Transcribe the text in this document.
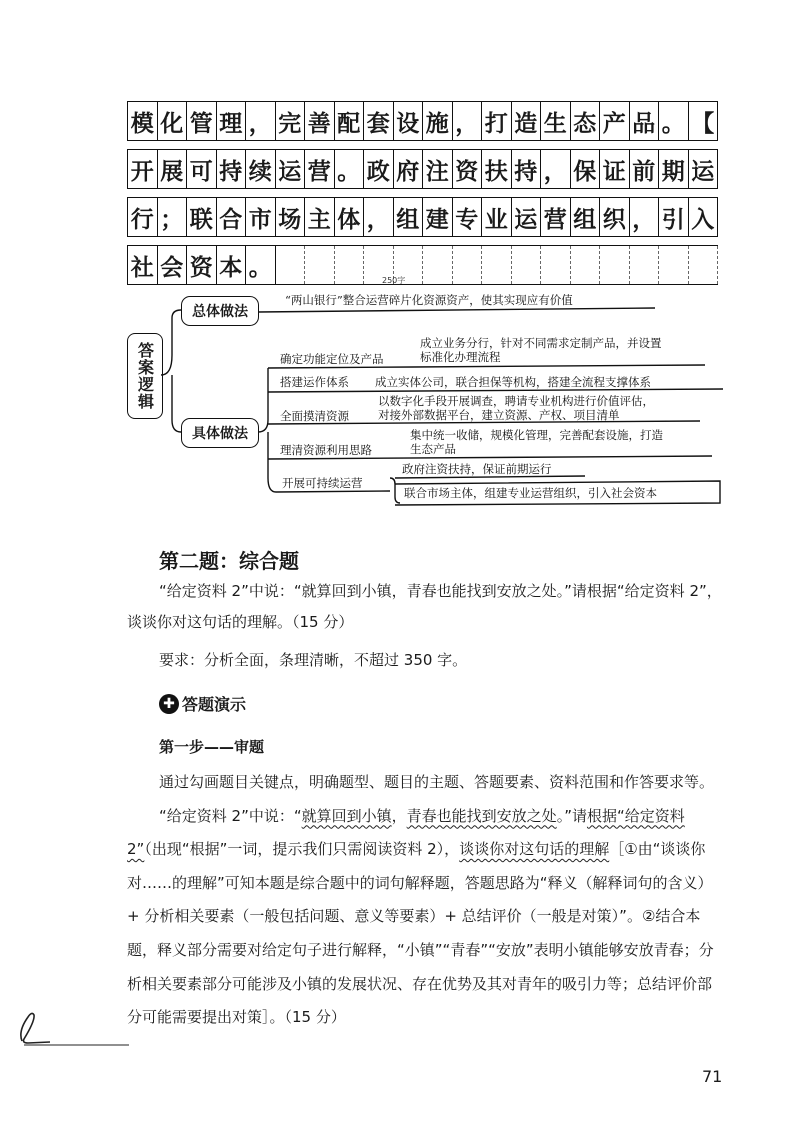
模 化 管 理 ， 完 善 配 套 设 施 ， 打 造 生 态 产 品 。 【
开 展 可 持 续 运 营 。 政 府 注 资 扶 持 ， 保 证 前 期 运
行 ； 联 合 市 场 主 体 ， 组 建 专 业 运 营 组 织 ， 引 入
社 会 资 本 。	250字
答案逻辑
总体做法
具体做法
“两山银行”整合运营碎片化资源资产，使其实现应有价值
确定功能定位及产品
成立业务分行，针对不同需求定制产品，并设置
标准化办理流程
搭建运作体系 成立实体公司，联合担保等机构，搭建全流程支撑体系
全面摸清资源
以数字化手段开展调查，聘请专业机构进行价值评估，
对接外部数据平台，建立资源、产权、项目清单
理清资源利用思路
集中统一收储，规模化管理，完善配套设施，打造
生态产品
开展可持续运营
政府注资扶持，保证前期运行
联合市场主体，组建专业运营组织，引入社会资本
第二题：综合题
“给定资料 2”中说：“就算回到小镇，青春也能找到安放之处。”请根据“给定资料 2”，谈谈你对这句话的理解。（15 分）
要求：分析全面，条理清晰，不超过 350 字。
✚ 答题演示
第一步——审题

通过勾画题目关键点，明确题型、题目的主题、答题要素、资料范围和作答要求等。

“给定资料 2”中说：“就算回到小镇，青春也能找到安放之处。”请根据“给定资料 2”（出现“根据”一词，提示我们只需阅读资料 2），谈谈你对这句话的理解［①由“谈谈你对……的理解”可知本题是综合题中的词句解释题，答题思路为“释义（解释词句的含义）+ 分析相关要素（一般包括问题、意义等要素）+ 总结评价（一般是对策）”。②结合本题，释义部分需要对给定句子进行解释，“小镇”“青春”“安放”表明小镇能够安放青春；分析相关要素部分可能涉及小镇的发展状况、存在优势及其对青年的吸引力等；总结评价部分可能需要提出对策］。（15 分）

71
